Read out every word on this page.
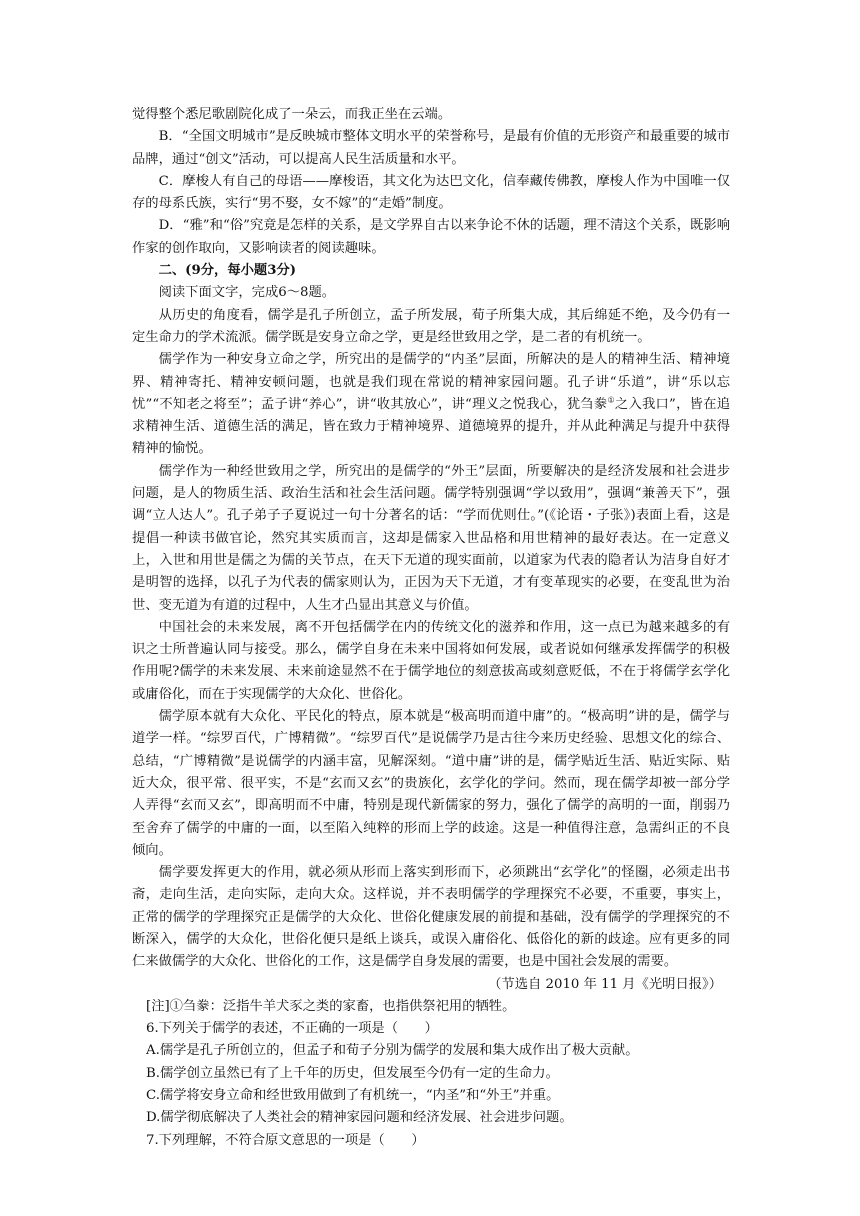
觉得整个悉尼歌剧院化成了一朵云，而我正坐在云端。

B．“全国文明城市”是反映城市整体文明水平的荣誉称号，是最有价值的无形资产和最重要的城市品牌，通过“创文”活动，可以提高人民生活质量和水平。

C．摩梭人有自己的母语——摩梭语，其文化为达巴文化，信奉藏传佛教，摩梭人作为中国唯一仅存的母系氏族，实行“男不娶，女不嫁”的“走婚”制度。

D．“雅”和“俗”究竟是怎样的关系，是文学界自古以来争论不休的话题，理不清这个关系，既影响作家的创作取向，又影响读者的阅读趣味。

二、(9分，每小题3分)

阅读下面文字，完成6～8题。

从历史的角度看，儒学是孔子所创立，孟子所发展，荀子所集大成，其后绵延不绝，及今仍有一定生命力的学术流派。儒学既是安身立命之学，更是经世致用之学，是二者的有机统一。

儒学作为一种安身立命之学，所究出的是儒学的“内圣”层面，所解决的是人的精神生活、精神境界、精神寄托、精神安顿问题，也就是我们现在常说的精神家园问题。孔子讲“乐道”，讲“乐以忘忧”“不知老之将至”；孟子讲“养心”，讲“收其放心”，讲“理义之悦我心，犹刍豢①之入我口”，皆在追求精神生活、道德生活的满足，皆在致力于精神境界、道德境界的提升，并从此种满足与提升中获得精神的愉悦。

儒学作为一种经世致用之学，所究出的是儒学的“外王”层面，所要解决的是经济发展和社会进步问题，是人的物质生活、政治生活和社会生活问题。儒学特别强调“学以致用”，强调“兼善天下”，强调“立人达人”。孔子弟子子夏说过一句十分著名的话：“学而优则仕。”(《论语・子张》)表面上看，这是提倡一种读书做官论，然究其实质而言，这却是儒家入世品格和用世精神的最好表达。在一定意义上，入世和用世是儒之为儒的关节点，在天下无道的现实面前，以道家为代表的隐者认为洁身自好才是明智的选择，以孔子为代表的儒家则认为，正因为天下无道，才有变革现实的必要，在变乱世为治世、变无道为有道的过程中，人生才凸显出其意义与价值。

中国社会的未来发展，离不开包括儒学在内的传统文化的滋养和作用，这一点已为越来越多的有识之士所普遍认同与接受。那么，儒学自身在未来中国将如何发展，或者说如何继承发挥儒学的积极作用呢?儒学的未来发展、未来前途显然不在于儒学地位的刻意拔高或刻意贬低，不在于将儒学玄学化或庸俗化，而在于实现儒学的大众化、世俗化。

儒学原本就有大众化、平民化的特点，原本就是“极高明而道中庸”的。“极高明”讲的是，儒学与道学一样。“综罗百代，广博精微”。“综罗百代”是说儒学乃是古往今来历史经验、思想文化的综合、总结，“广博精微”是说儒学的内涵丰富，见解深刻。“道中庸”讲的是，儒学贴近生活、贴近实际、贴近大众，很平常、很平实，不是“玄而又玄”的贵族化，玄学化的学问。然而，现在儒学却被一部分学人弄得“玄而又玄”，即高明而不中庸，特别是现代新儒家的努力，强化了儒学的高明的一面，削弱乃至舍弃了儒学的中庸的一面，以至陷入纯粹的形而上学的歧途。这是一种值得注意，急需纠正的不良倾向。

儒学要发挥更大的作用，就必须从形而上落实到形而下，必须跳出“玄学化”的怪圈，必须走出书斋，走向生活，走向实际，走向大众。这样说，并不表明儒学的学理探究不必要，不重要，事实上，正常的儒学的学理探究正是儒学的大众化、世俗化健康发展的前提和基础，没有儒学的学理探究的不断深入，儒学的大众化，世俗化便只是纸上谈兵，或误入庸俗化、低俗化的新的歧途。应有更多的同仁来做儒学的大众化、世俗化的工作，这是儒学自身发展的需要，也是中国社会发展的需要。

（节选自 2010 年 11 月《光明日报》）

[注]①刍豢：泛指牛羊犬豕之类的家畜，也指供祭祀用的牺牲。

6.下列关于儒学的表述，不正确的一项是（　　）

A.儒学是孔子所创立的，但孟子和荀子分别为儒学的发展和集大成作出了极大贡献。

B.儒学创立虽然已有了上千年的历史，但发展至今仍有一定的生命力。

C.儒学将安身立命和经世致用做到了有机统一，“内圣”和“外王”并重。

D.儒学彻底解决了人类社会的精神家园问题和经济发展、社会进步问题。

7.下列理解，不符合原文意思的一项是（　　）
